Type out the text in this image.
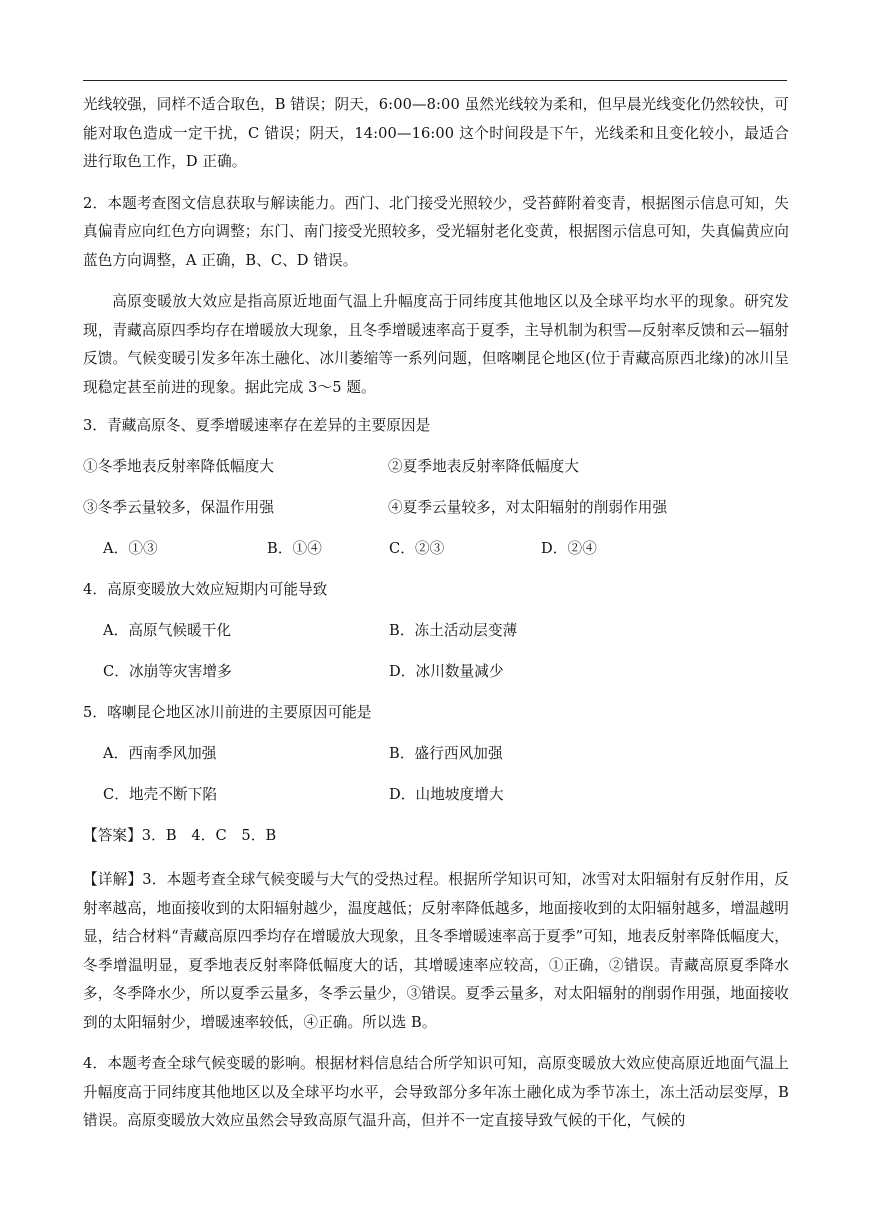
光线较强，同样不适合取色，B 错误；阴天，6:00—8:00 虽然光线较为柔和，但早晨光线变化仍然较快，可能对取色造成一定干扰，C 错误；阴天，14:00—16:00 这个时间段是下午，光线柔和且变化较小，最适合进行取色工作，D 正确。

2．本题考查图文信息获取与解读能力。西门、北门接受光照较少，受苔藓附着变青，根据图示信息可知，失真偏青应向红色方向调整；东门、南门接受光照较多，受光辐射老化变黄，根据图示信息可知，失真偏黄应向蓝色方向调整，A 正确，B、C、D 错误。

高原变暖放大效应是指高原近地面气温上升幅度高于同纬度其他地区以及全球平均水平的现象。研究发现，青藏高原四季均存在增暖放大现象，且冬季增暖速率高于夏季，主导机制为积雪—反射率反馈和云—辐射反馈。气候变暖引发多年冻土融化、冰川萎缩等一系列问题，但喀喇昆仑地区(位于青藏高原西北缘)的冰川呈现稳定甚至前进的现象。据此完成 3～5 题。

3．青藏高原冬、夏季增暖速率存在差异的主要原因是
①冬季地表反射率降低幅度大	②夏季地表反射率降低幅度大
③冬季云量较多，保温作用强	④夏季云量较多，对太阳辐射的削弱作用强
A．①③	B．①④	C．②③	D．②④
4．高原变暖放大效应短期内可能导致
A．高原气候暖干化	B．冻土活动层变薄
C．冰崩等灾害增多	D．冰川数量减少
5．喀喇昆仑地区冰川前进的主要原因可能是
A．西南季风加强	B．盛行西风加强
C．地壳不断下陷	D．山地坡度增大
【答案】3．B　4．C　5．B

【详解】3．本题考查全球气候变暖与大气的受热过程。根据所学知识可知，冰雪对太阳辐射有反射作用，反射率越高，地面接收到的太阳辐射越少，温度越低；反射率降低越多，地面接收到的太阳辐射越多，增温越明显，结合材料“青藏高原四季均存在增暖放大现象，且冬季增暖速率高于夏季”可知，地表反射率降低幅度大，冬季增温明显，夏季地表反射率降低幅度大的话，其增暖速率应较高，①正确，②错误。青藏高原夏季降水多，冬季降水少，所以夏季云量多，冬季云量少，③错误。夏季云量多，对太阳辐射的削弱作用强，地面接收到的太阳辐射少，增暖速率较低，④正确。所以选 B。

4．本题考查全球气候变暖的影响。根据材料信息结合所学知识可知，高原变暖放大效应使高原近地面气温上升幅度高于同纬度其他地区以及全球平均水平，会导致部分多年冻土融化成为季节冻土，冻土活动层变厚，B 错误。高原变暖放大效应虽然会导致高原气温升高，但并不一定直接导致气候的干化，气候的
